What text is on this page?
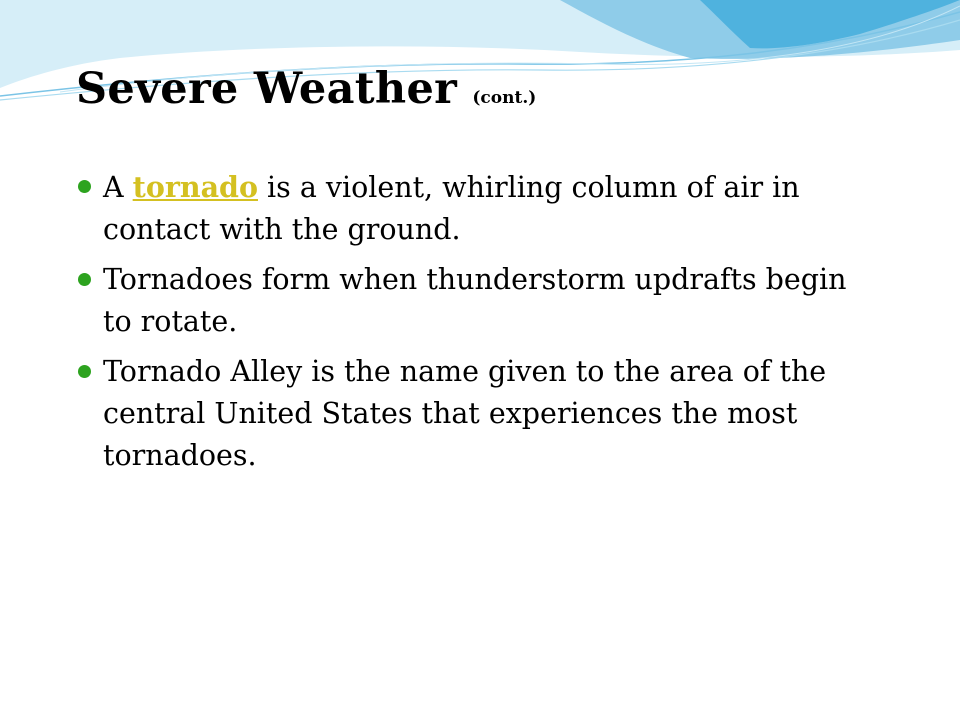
Severe Weather (cont.)
A tornado is a violent, whirling column of air in contact with the ground.
Tornadoes form when thunderstorm updrafts begin to rotate.
Tornado Alley is the name given to the area of the central United States that experiences the most tornadoes.
